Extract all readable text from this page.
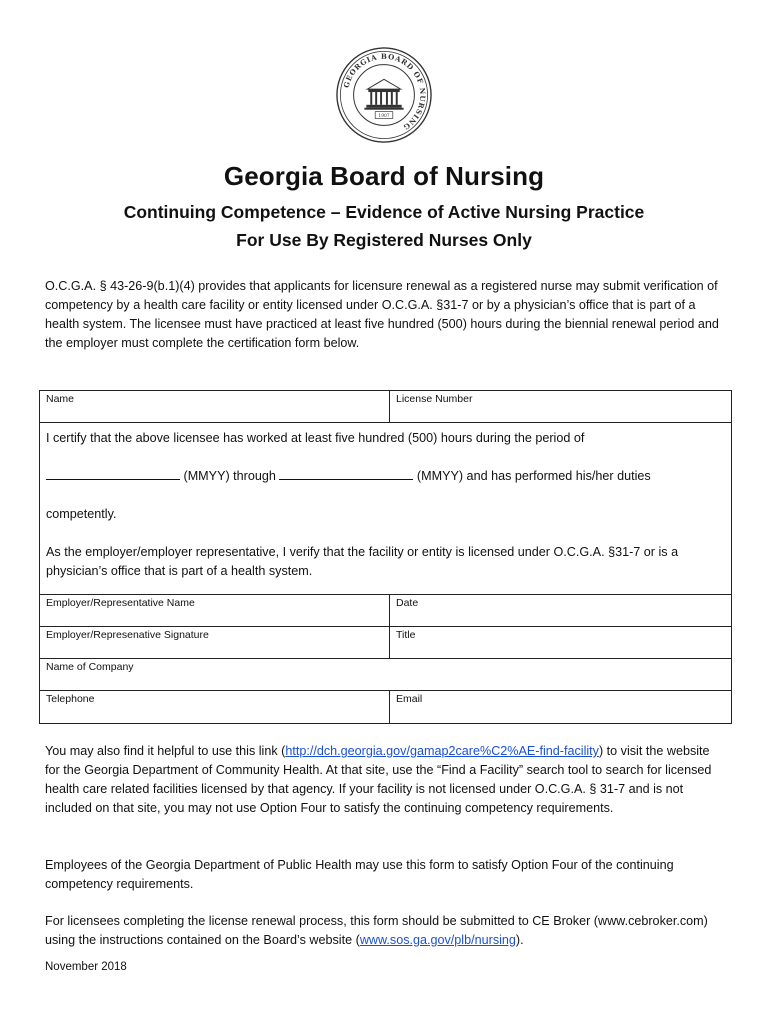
GEORGIA BOARD OF NURSING
1907
Georgia Board of Nursing
Continuing Competence – Evidence of Active Nursing Practice
For Use By Registered Nurses Only

O.C.G.A. § 43-26-9(b.1)(4) provides that applicants for licensure renewal as a registered nurse may submit verification of competency by a health care facility or entity licensed under O.C.G.A. §31-7 or by a physician’s office that is part of a health system. The licensee must have practiced at least five hundred (500) hours during the biennial renewal period and the employer must complete the certification form below.

Name	License Number

I certify that the above licensee has worked at least five hundred (500) hours during the period of

(MMYY) through (MMYY) and has performed his/her duties

competently.

As the employer/employer representative, I verify that the facility or entity is licensed under O.C.G.A. §31-7 or is a physician’s office that is part of a health system.	

Employer/Representative Name	Date
Employer/Represenative Signature	Title
Name of Company	
Telephone	Email

You may also find it helpful to use this link (http://dch.georgia.gov/gamap2care%C2%AE-find-facility) to visit the website for the Georgia Department of Community Health. At that site, use the “Find a Facility” search tool to search for licensed health care related facilities licensed by that agency. If your facility is not licensed under O.C.G.A. § 31-7 and is not included on that site, you may not use Option Four to satisfy the continuing competency requirements.

Employees of the Georgia Department of Public Health may use this form to satisfy Option Four of the continuing competency requirements.

For licensees completing the license renewal process, this form should be submitted to CE Broker (www.cebroker.com) using the instructions contained on the Board’s website (www.sos.ga.gov/plb/nursing).

November 2018
